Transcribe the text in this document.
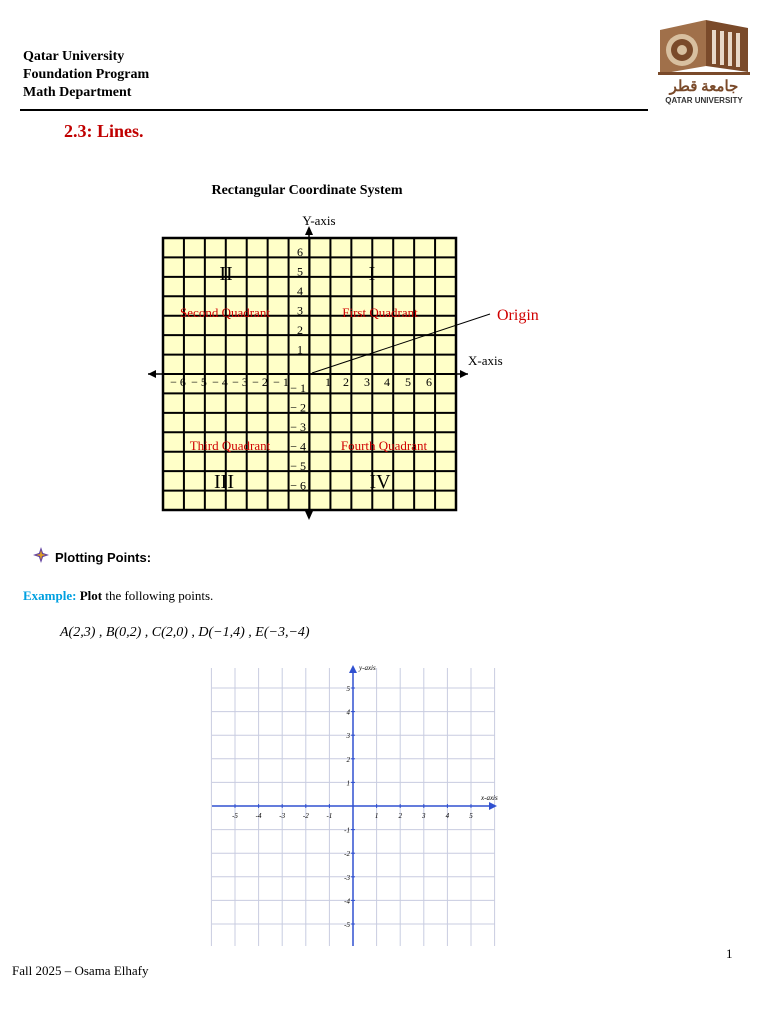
Qatar University
Foundation Program
Math Department	جامعة قطر
QATAR UNIVERSITY
2.3: Lines.
Rectangular Coordinate System
Y-axis
X-axis
Origin
II	I
III	IV
Second Quadrant	First Quadrant
Third Quadrant	Fourth Quadrant
− 6 − 5 − 4 − 3 − 2 − 1	1 2 3 4 5 6
6
5
4
3
2
1
− 1
− 2
− 3
− 4
− 5
− 6
Plotting Points:
Example: Plot the following points.
A(2,3) , B(0,2) , C(2,0) , D(−1,4) , E(−3,−4)
y-axis
x-axis
-5	-4	-3	-2	-1	1	2	3	4	5
5
4
3
2
1
-1
-2
-3
-4
-5
1
Fall 2025 – Osama Elhafy
